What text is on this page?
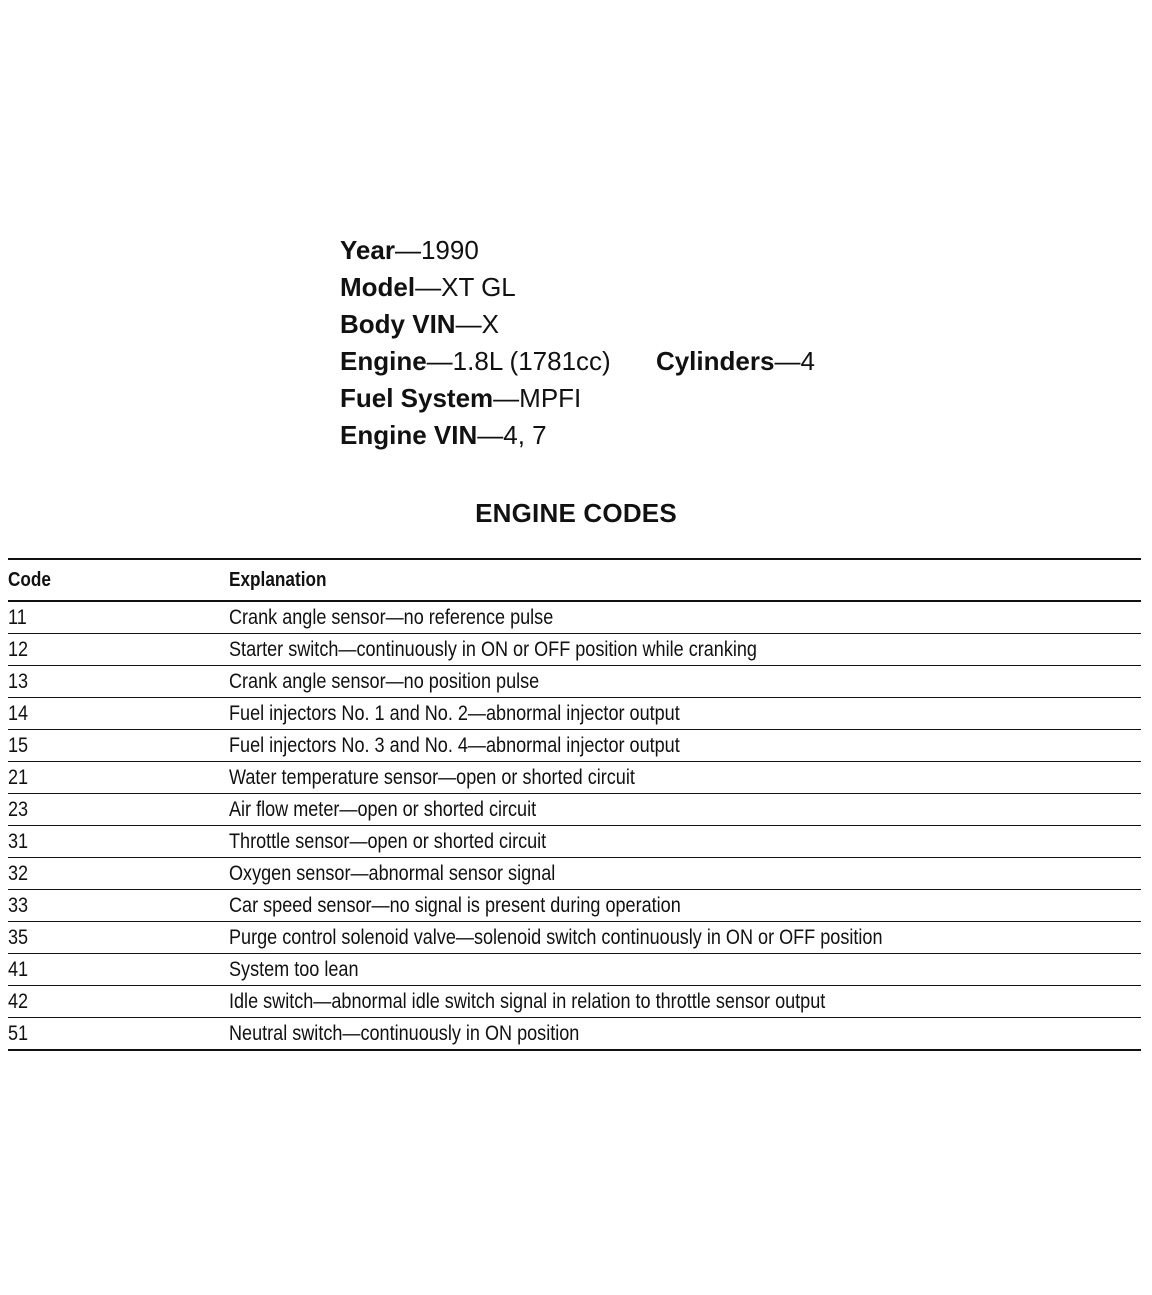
Year—1990
Model—XT GL
Body VIN—X
Engine—1.8L (1781cc) Cylinders—4
Fuel System—MPFI
Engine VIN—4, 7
ENGINE CODES
Code	Explanation
11	Crank angle sensor—no reference pulse
12	Starter switch—continuously in ON or OFF position while cranking
13	Crank angle sensor—no position pulse
14	Fuel injectors No. 1 and No. 2—abnormal injector output
15	Fuel injectors No. 3 and No. 4—abnormal injector output
21	Water temperature sensor—open or shorted circuit
23	Air flow meter—open or shorted circuit
31	Throttle sensor—open or shorted circuit
32	Oxygen sensor—abnormal sensor signal
33	Car speed sensor—no signal is present during operation
35	Purge control solenoid valve—solenoid switch continuously in ON or OFF position
41	System too lean
42	Idle switch—abnormal idle switch signal in relation to throttle sensor output
51	Neutral switch—continuously in ON position
